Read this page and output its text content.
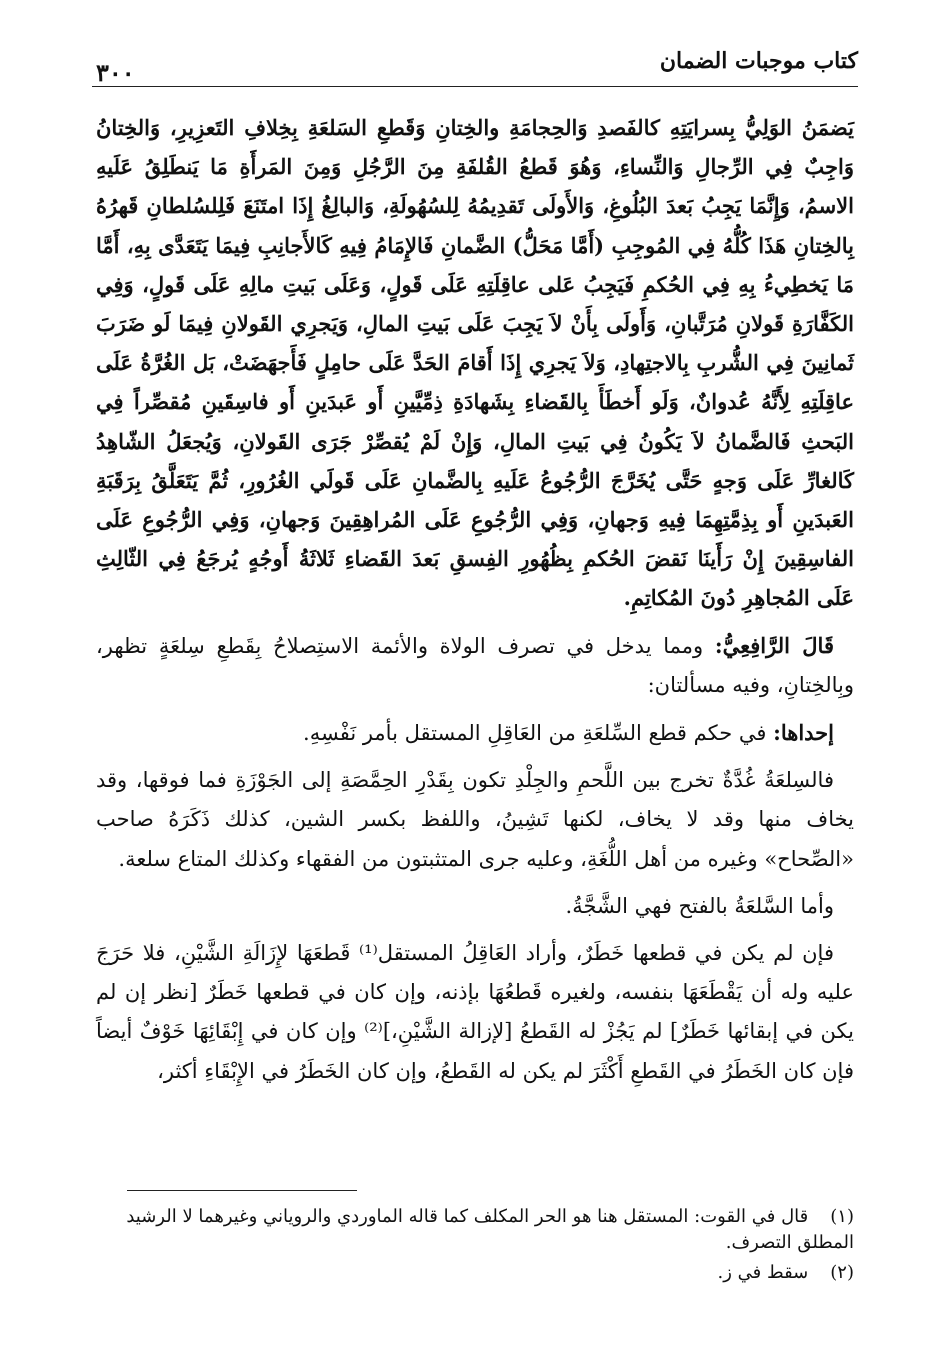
كتاب موجبات الضمان
٣٠٠

يَضمَنُ الوَلِيُّ بِسرايَتِهِ كالفَصدِ وَالحِجامَةِ والخِتانِ وَقَطعِ السَلعَةِ بِخِلافِ التَعزِيرِ، وَالخِتانُ وَاجِبٌ فِي الرِّجالِ وَالنِّساءِ، وَهُوَ قَطعُ القُلفَةِ مِنَ الرَّجُلِ وَمِنَ المَرأَةِ مَا يَنطَلِقُ عَلَيهِ الاسمُ، وَإِنَّمَا يَجِبُ بَعدَ البُلُوغِ، وَالأَولَى تَقدِيمُهُ لِلسُهُولَةِ، وَالبالِغُ إِذَا امتَنَعَ فَلِلسُلطانِ قَهرُهُ بِالخِتانِ هَذَا كُلُّهُ فِي المُوجِبِ (أَمَّا مَحَلُّ) الضَّمانِ فَالإِمَامُ فِيهِ كَالأَجانِبِ فِيمَا يَتَعَدَّى بِهِ، أَمَّا مَا يَخطِيءُ بِهِ فِي الحُكمِ فَيَجِبُ عَلى عاقِلَتِهِ عَلَى قَولٍ، وَعَلَى بَيتِ مالِهِ عَلَى قَولٍ، وَفِي الكَفَّارَةِ قَولانِ مُرَتَّبانِ، وَأَولَى بِأَنْ لاَ يَجِبَ عَلَى بَيتِ المالِ، وَيَجرِي القَولانِ فِيمَا لَو ضَرَبَ ثَمانِينَ فِي الشُّربِ بِالاجتِهادِ، وَلاَ يَجرِي إِذَا أَقامَ الحَدَّ عَلَى حامِلٍ فَأَجهَضَتْ، بَل الغُرَّةُ عَلَى عاقِلَتِهِ لِأَنَّهُ عُدوانٌ، وَلَو أَخطَأَ بِالقَضاءِ بِشَهادَةِ ذِمِّيَّينِ أَو عَبدَينِ أَو فاسِقَينِ مُقصِّراً فِي البَحثِ فَالضَّمانُ لاَ يَكُونُ فِي بَيتِ المالِ، وَإِنْ لَمْ يُقصِّرْ جَرَى القَولانِ، وَيُجعَلُ الشّاهِدُ كَالغارِّ عَلَى وَجهٍ حَتَّى يُخَرَّجَ الرُّجُوعُ عَلَيهِ بِالضَّمانِ عَلَى قَولَي الغُرُورِ، ثُمَّ يَتَعَلَّقُ بِرَقَبَةِ العَبدَينِ أَو بِذِمَّتِهِمَا فِيهِ وَجهانِ، وَفِي الرُّجُوعِ عَلَى المُراهِقِينَ وَجهانِ، وَفِي الرُّجُوعِ عَلَى الفاسِقِينَ إِنْ رَأَينَا نَقضَ الحُكمِ بِظُهُورِ الفِسقِ بَعدَ القَضاءِ ثَلاثَةُ أَوجُهٍ يُرجَعُ فِي الثّالِثِ عَلَى المُجاهِرِ دُونَ المُكاتِمِ.

قَالَ الرَّافِعِيُّ: ومما يدخل في تصرف الولاة والأئمة الاستِصلاحُ بِقَطعِ سِلعَةٍ تظهر، وبِالخِتانِ، وفيه مسألتان:

إحداها: في حكم قطع السِّلعَةِ من العَاقِلِ المستقل بأمر نَفْسِهِ.

فالسِلعَةُ غُدَّةٌ تخرج بين اللَّحمِ والجِلْدِ تكون بِقَدْرِ الحِمَّصَةِ إلى الجَوْزَةِ فما فوقها، وقد يخاف منها وقد لا يخاف، لكنها تَشِينُ، واللفظ بكسر الشين، كذلك ذَكَرَهُ صاحب «الصِّحاح» وغيره من أهل اللُّغَةِ، وعليه جرى المتثبتون من الفقهاء وكذلك المتاع سلعة.

وأما السَّلعَةُ بالفتح فهي الشَّجَّةُ.

فإن لم يكن في قطعها خَطَرٌ، وأراد العَاقِلُ المستقل⁽¹⁾ قَطعَهَا لإِزَالَةِ الشَّيْنِ، فلا حَرَجَ عليه وله أن يَقْطَعَهَا بنفسه، ولغيره قَطعُهَا بإذنه، وإن كان في قطعها خَطَرٌ [نظر إن لم يكن في إبقائها خَطَرٌ] لم يَجُزْ له القَطعُ [لإزالة الشَّيْنِ،]⁽²⁾ وإن كان في إِبْقَائِهَا خَوْفٌ أيضاً فإن كان الخَطَرُ في القَطعِ أَكْثَرَ لم يكن له القَطعُ، وإن كان الخَطَرُ في الإِبْقَاءِ أكثر،

(١) قال في القوت: المستقل هنا هو الحر المكلف كما قاله الماوردي والروياني وغيرهما لا الرشيد المطلق التصرف.

(٢) سقط في ز.
